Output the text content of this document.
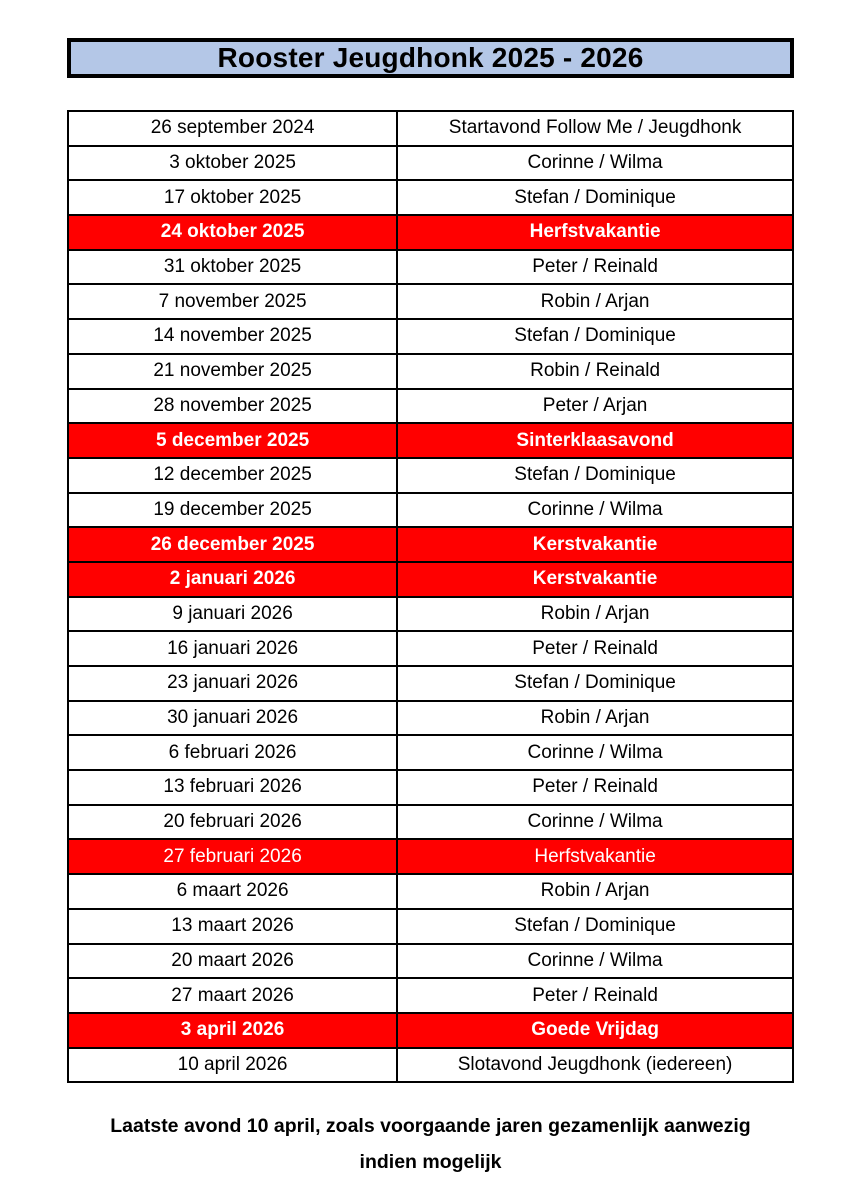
Rooster Jeugdhonk 2025 - 2026
26 september 2024	Startavond Follow Me / Jeugdhonk
3 oktober 2025	Corinne / Wilma
17 oktober 2025	Stefan / Dominique
24 oktober 2025	Herfstvakantie
31 oktober 2025	Peter / Reinald
7 november 2025	Robin / Arjan
14 november 2025	Stefan / Dominique
21 november 2025	Robin / Reinald
28 november 2025	Peter / Arjan
5 december 2025	Sinterklaasavond
12 december 2025	Stefan / Dominique
19 december 2025	Corinne / Wilma
26 december 2025	Kerstvakantie
2 januari 2026	Kerstvakantie
9 januari 2026	Robin / Arjan
16 januari 2026	Peter / Reinald
23 januari 2026	Stefan / Dominique
30 januari 2026	Robin / Arjan
6 februari 2026	Corinne / Wilma
13 februari 2026	Peter / Reinald
20 februari 2026	Corinne / Wilma
27 februari 2026	Herfstvakantie
6 maart 2026	Robin / Arjan
13 maart 2026	Stefan / Dominique
20 maart 2026	Corinne / Wilma
27 maart 2026	Peter / Reinald
3 april 2026	Goede Vrijdag
10 april 2026	Slotavond Jeugdhonk (iedereen)
Laatste avond 10 april, zoals voorgaande jaren gezamenlijk aanwezig
indien mogelijk
